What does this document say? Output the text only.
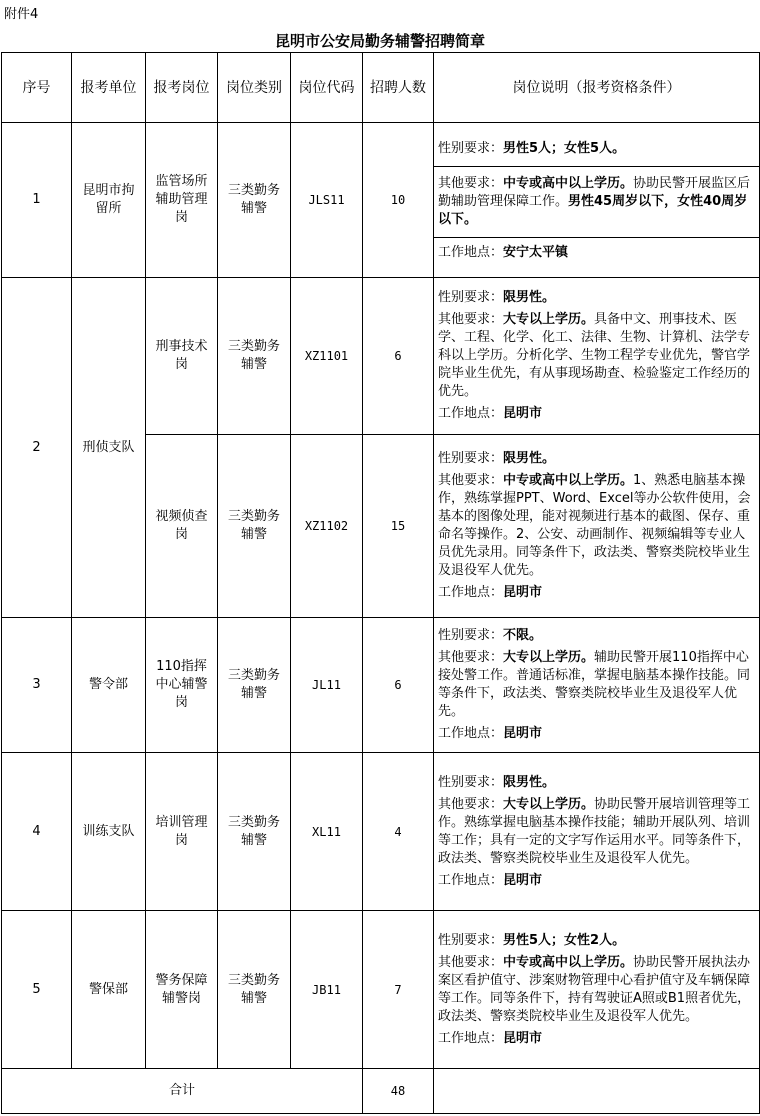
附件4
昆明市公安局勤务辅警招聘简章
序号	报考单位	报考岗位	岗位类别	岗位代码	招聘人数	岗位说明（报考资格条件）
1	昆明市拘留所	监管场所辅助管理岗	三类勤务辅警	JLS11	10	性别要求：男性5人；女性5人。
其他要求：中专或高中以上学历。协助民警开展监区后勤辅助管理保障工作。男性45周岁以下，女性40周岁以下。
工作地点：安宁太平镇

2	刑侦支队	刑事技术岗	三类勤务辅警	XZ1101	6	性别要求：限男性。
其他要求：大专以上学历。具备中文、刑事技术、医学、工程、化学、化工、法律、生物、计算机、法学专科以上学历。分析化学、生物工程学专业优先，警官学院毕业生优先，有从事现场勘查、检验鉴定工作经历的优先。
工作地点：昆明市

		视频侦查岗	三类勤务辅警	XZ1102	15	性别要求：限男性。
其他要求：中专或高中以上学历。1、熟悉电脑基本操作，熟练掌握PPT、Word、Excel等办公软件使用，会基本的图像处理，能对视频进行基本的截图、保存、重命名等操作。2、公安、动画制作、视频编辑等专业人员优先录用。同等条件下，政法类、警察类院校毕业生及退役军人优先。
工作地点：昆明市

3	警令部	110指挥中心辅警岗	三类勤务辅警	JL11	6	性别要求：不限。
其他要求：大专以上学历。辅助民警开展110指挥中心接处警工作。普通话标准，掌握电脑基本操作技能。同等条件下，政法类、警察类院校毕业生及退役军人优先。
工作地点：昆明市

4	训练支队	培训管理岗	三类勤务辅警	XL11	4	性别要求：限男性。
其他要求：大专以上学历。协助民警开展培训管理等工作。熟练掌握电脑基本操作技能；辅助开展队列、培训等工作；具有一定的文字写作运用水平。同等条件下，政法类、警察类院校毕业生及退役军人优先。
工作地点：昆明市

5	警保部	警务保障辅警岗	三类勤务辅警	JB11	7	性别要求：男性5人；女性2人。
其他要求：中专或高中以上学历。协助民警开展执法办案区看护值守、涉案财物管理中心看护值守及车辆保障等工作。同等条件下，持有驾驶证A照或B1照者优先，政法类、警察类院校毕业生及退役军人优先。
工作地点：昆明市

合计					48	
